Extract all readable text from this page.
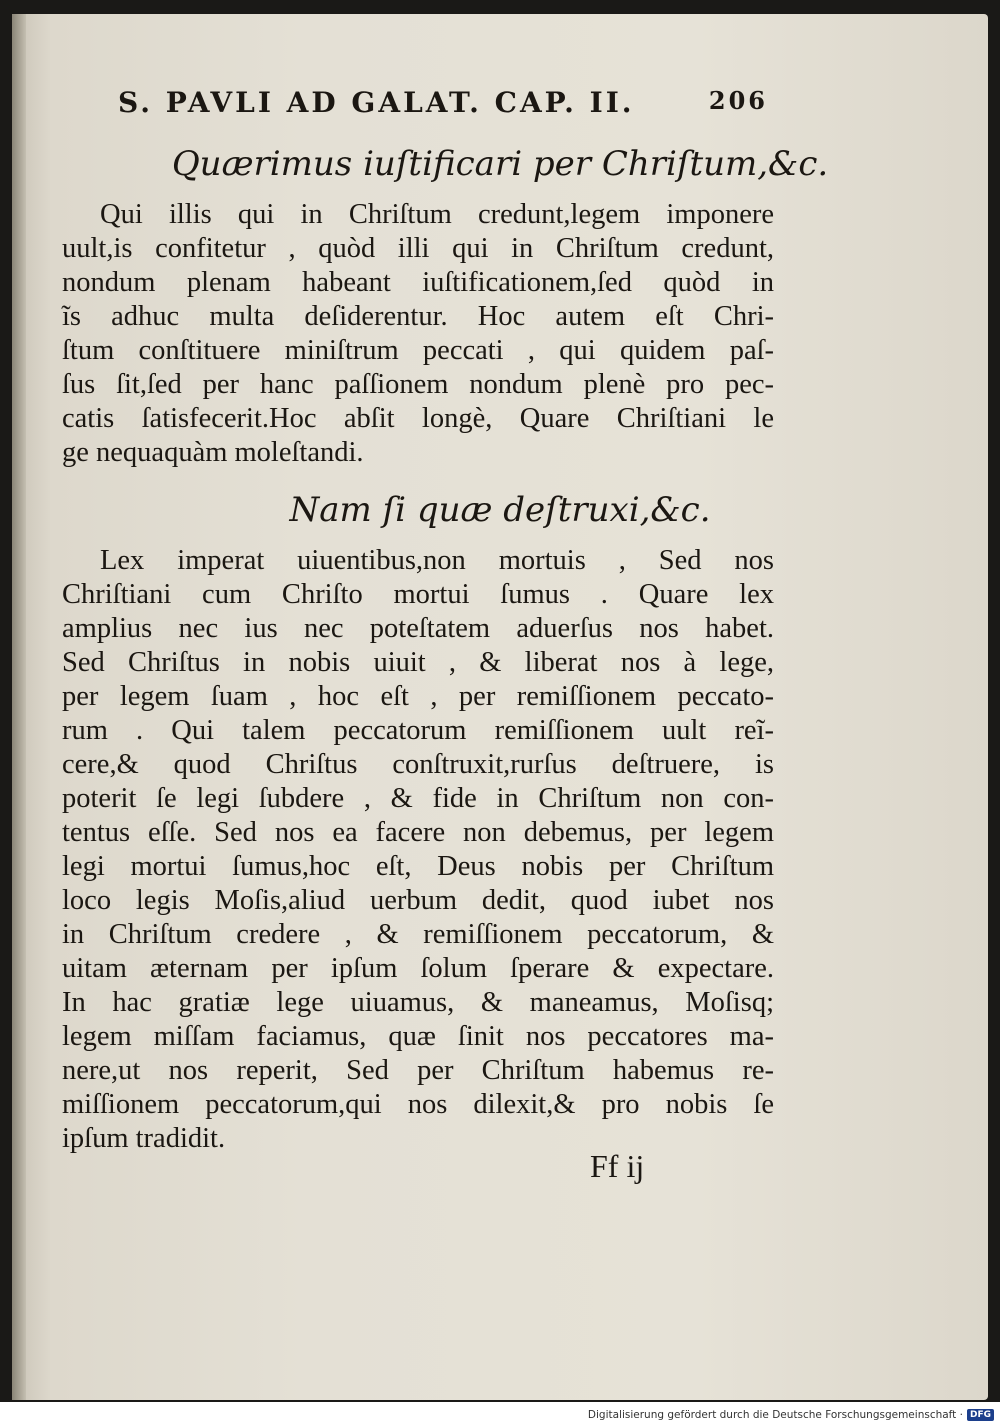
S. PAVLI AD GALAT. CAP. II.	206
Quærimus iuſtificari per Chriſtum,&c.
Qui illis qui in Chriſtum credunt,legem imponere
uult,is confitetur , quòd illi qui in Chriſtum credunt,
nondum plenam habeant iuſtificationem,ſed quòd in
ĩs adhuc multa deſiderentur. Hoc autem eſt Chri-
ſtum conſtituere miniſtrum peccati , qui quidem paſ-
ſus ſit,ſed per hanc paſſionem nondum plenè pro pec-
catis ſatisfecerit.Hoc abſit longè, Quare Chriſtiani le
ge nequaquàm moleſtandi.
Nam ſi quæ deſtruxi,&c.
Lex imperat uiuentibus,non mortuis , Sed nos
Chriſtiani cum Chriſto mortui ſumus . Quare lex
amplius nec ius nec poteſtatem aduerſus nos habet.
Sed Chriſtus in nobis uiuit , & liberat nos à lege,
per legem ſuam , hoc eſt , per remiſſionem peccato-
rum . Qui talem peccatorum remiſſionem uult reĩ-
cere,& quod Chriſtus conſtruxit,rurſus deſtruere, is
poterit ſe legi ſubdere , & fide in Chriſtum non con-
tentus eſſe. Sed nos ea facere non debemus, per legem
legi mortui ſumus,hoc eſt, Deus nobis per Chriſtum
loco legis Moſis,aliud uerbum dedit, quod iubet nos
in Chriſtum credere , & remiſſionem peccatorum, &
uitam æternam per ipſum ſolum ſperare & expectare.
In hac gratiæ lege uiuamus, & maneamus, Moſisq;
legem miſſam faciamus, quæ ſinit nos peccatores ma-
nere,ut nos reperit, Sed per Chriſtum habemus re-
miſſionem peccatorum,qui nos dilexit,& pro nobis ſe
ipſum tradidit.
Ff ij
Digitalisierung gefördert durch die Deutsche Forschungsgemeinschaft · DFG
